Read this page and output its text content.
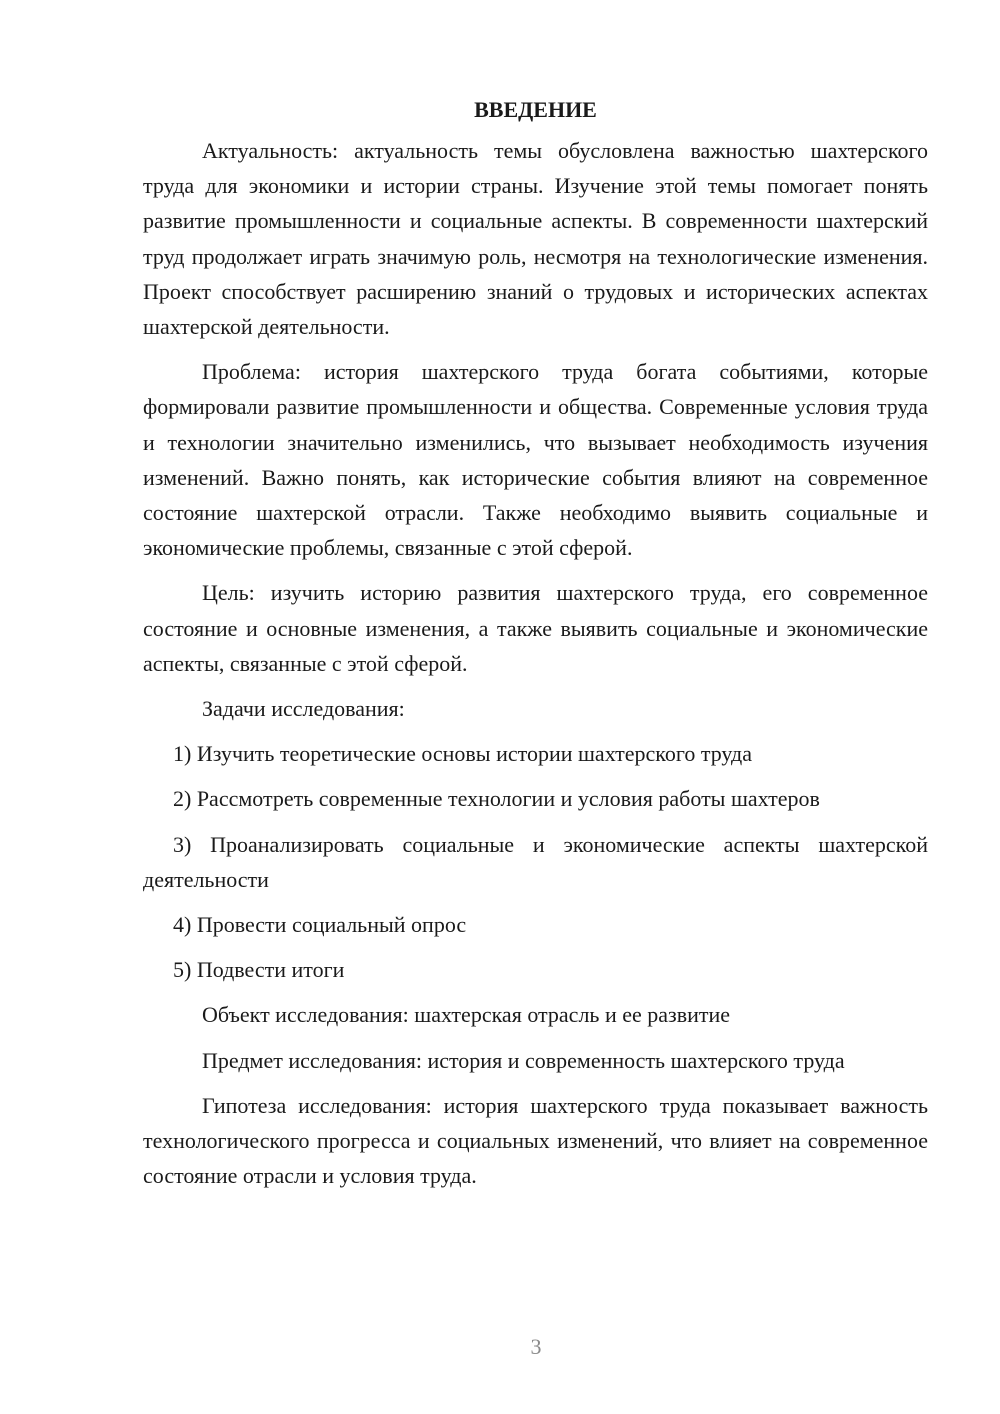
ВВЕДЕНИЕ

Актуальность: актуальность темы обусловлена важностью шахтерского труда для экономики и истории страны. Изучение этой темы помогает понять развитие промышленности и социальные аспекты. В современности шахтерский труд продолжает играть значимую роль, несмотря на технологические изменения. Проект способствует расширению знаний о трудовых и исторических аспектах шахтерской деятельности.

Проблема: история шахтерского труда богата событиями, которые формировали развитие промышленности и общества. Современные условия труда и технологии значительно изменились, что вызывает необходимость изучения изменений. Важно понять, как исторические события влияют на современное состояние шахтерской отрасли. Также необходимо выявить социальные и экономические проблемы, связанные с этой сферой.

Цель: изучить историю развития шахтерского труда, его современное состояние и основные изменения, а также выявить социальные и экономические аспекты, связанные с этой сферой.

Задачи исследования:

1) Изучить теоретические основы истории шахтерского труда

2) Рассмотреть современные технологии и условия работы шахтеров

3) Проанализировать социальные и экономические аспекты шахтерской деятельности

4) Провести социальный опрос

5) Подвести итоги

Объект исследования: шахтерская отрасль и ее развитие

Предмет исследования: история и современность шахтерского труда

Гипотеза исследования: история шахтерского труда показывает важность технологического прогресса и социальных изменений, что влияет на современное состояние отрасли и условия труда.

3
